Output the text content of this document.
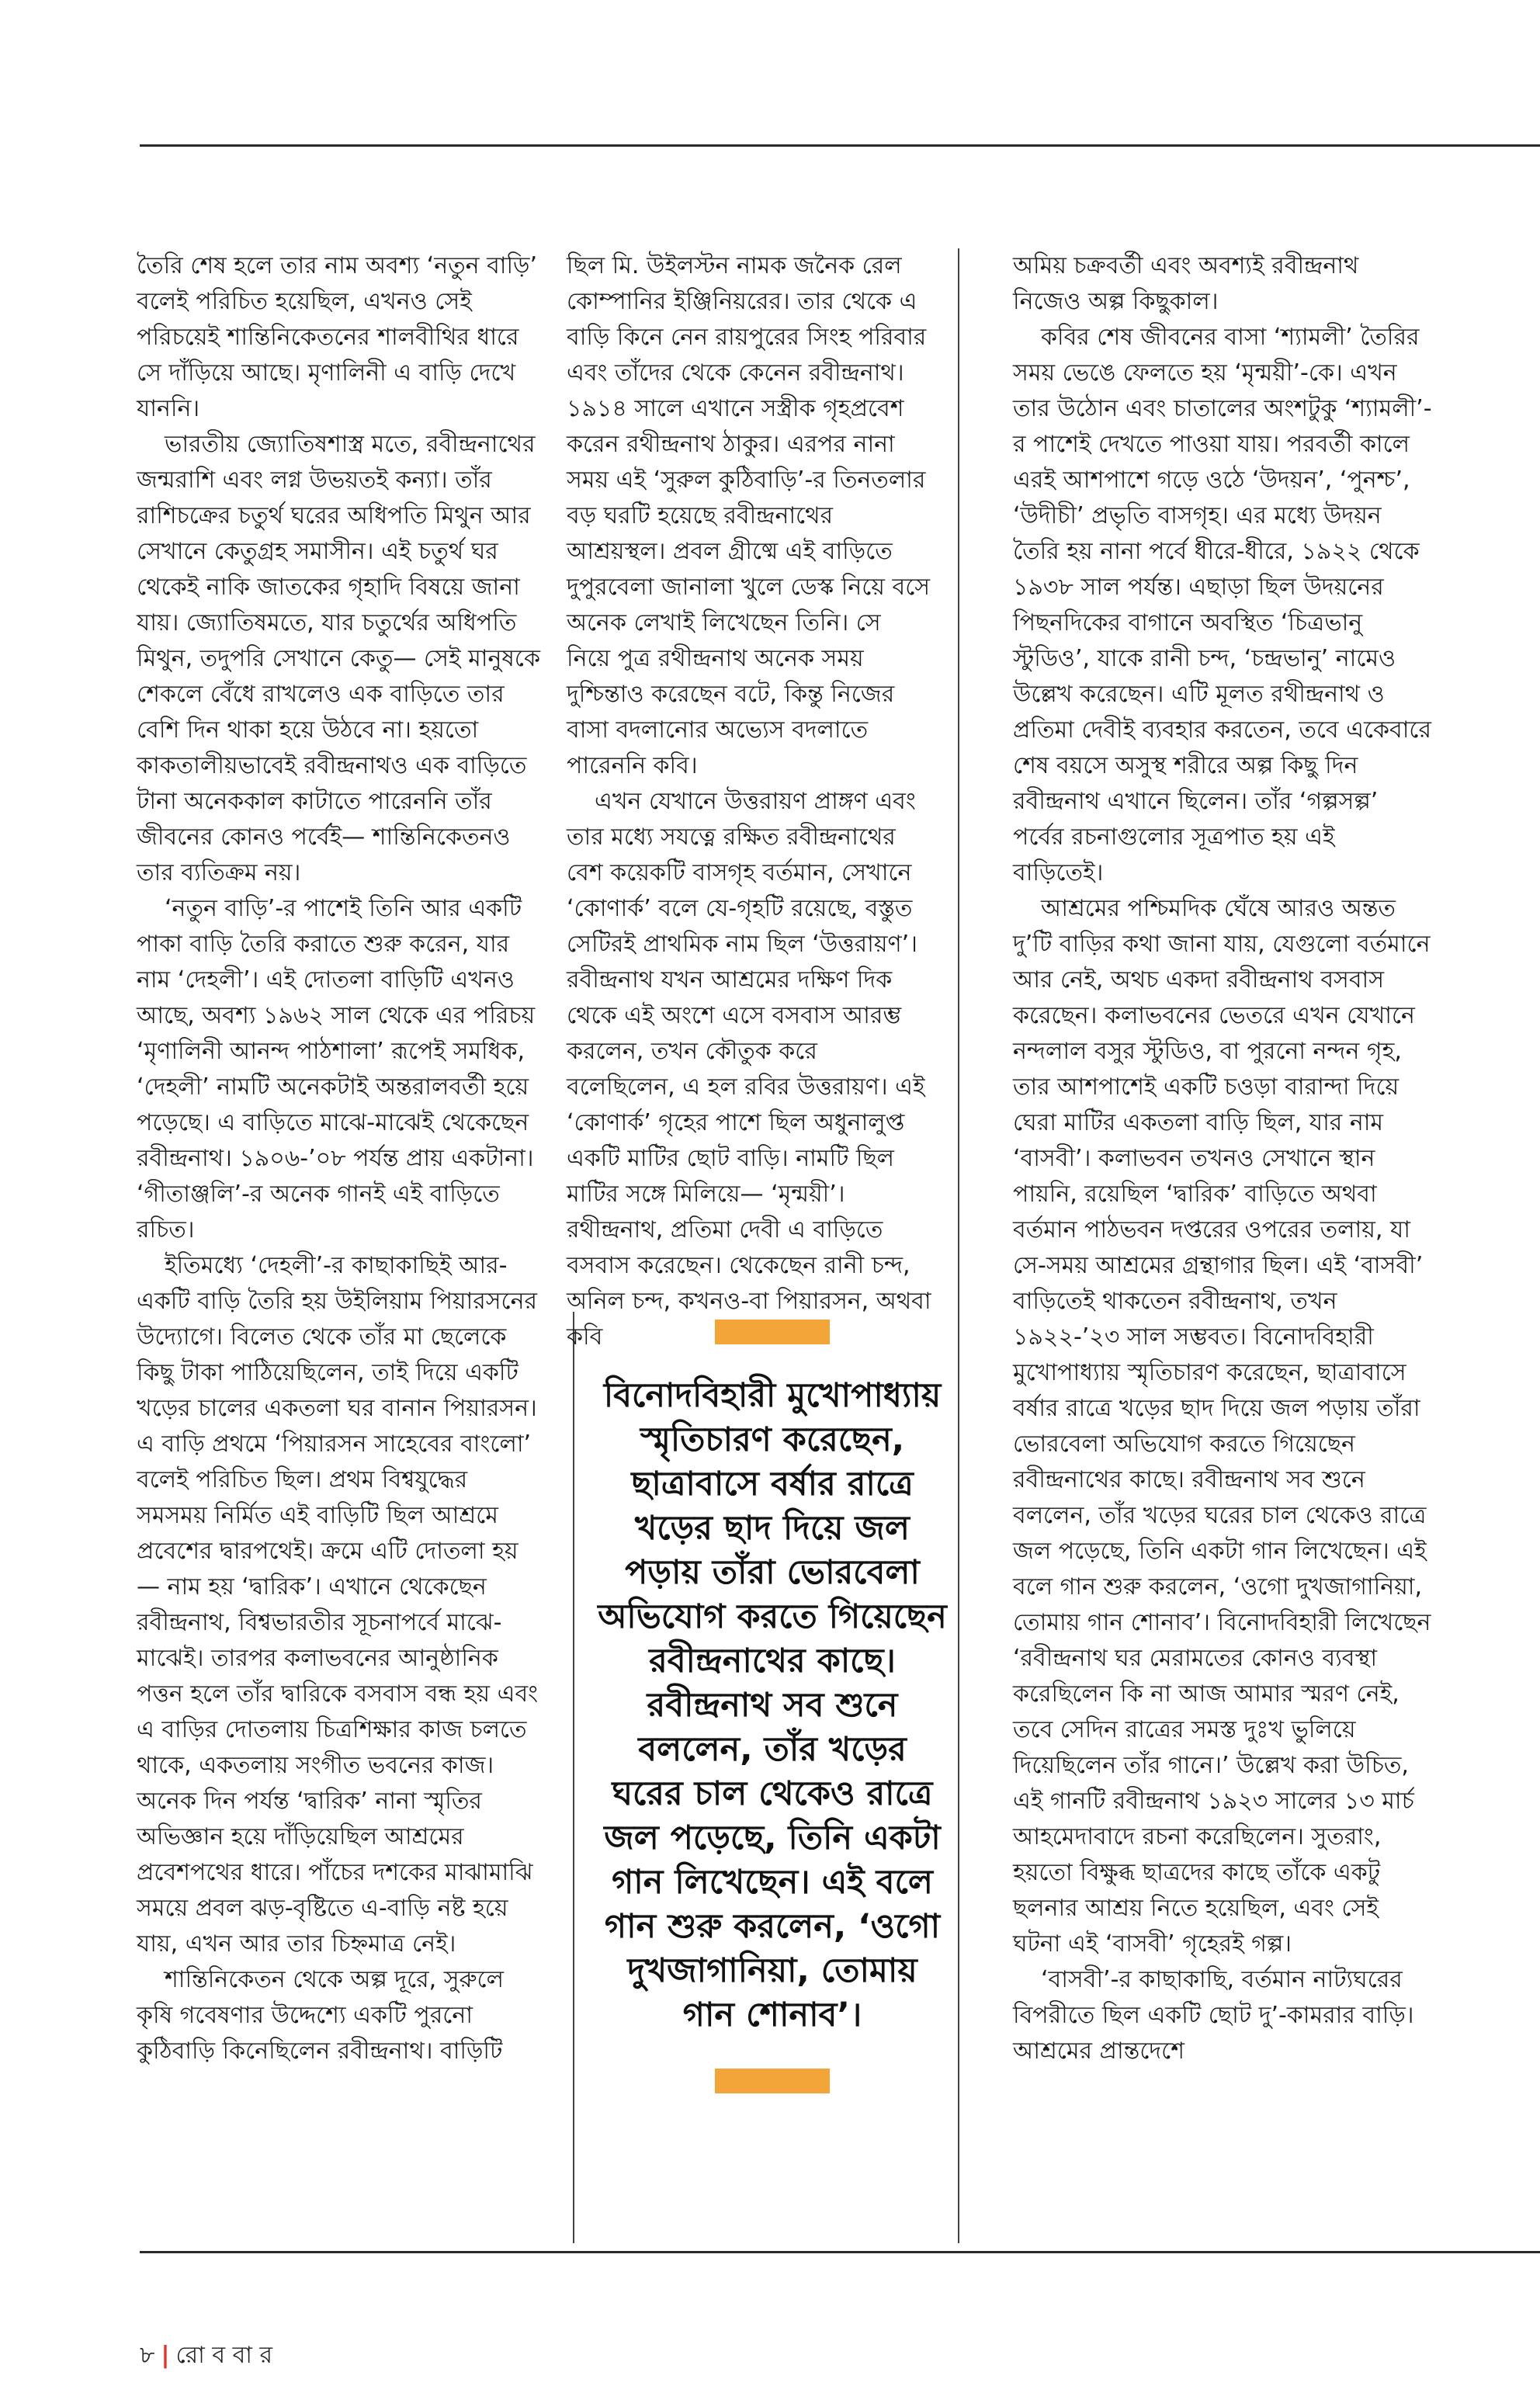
তৈরি শেষ হলে তার নাম অবশ্য ‘নতুন বাড়ি’ বলেই পরিচিত হয়েছিল, এখনও সেই পরিচয়েই শান্তিনিকেতনের শালবীথির ধারে সে দাঁড়িয়ে আছে। মৃণালিনী এ বাড়ি দেখে যাননি।

ভারতীয় জ্যোতিষশাস্ত্র মতে, রবীন্দ্রনাথের জন্মরাশি এবং লগ্ন উভয়তই কন্যা। তাঁর রাশিচক্রের চতুর্থ ঘরের অধিপতি মিথুন আর সেখানে কেতুগ্রহ সমাসীন। এই চতুর্থ ঘর থেকেই নাকি জাতকের গৃহাদি বিষয়ে জানা যায়। জ্যোতিষমতে, যার চতুর্থের অধিপতি মিথুন, তদুপরি সেখানে কেতু— সেই মানুষকে শেকলে বেঁধে রাখলেও এক বাড়িতে তার বেশি দিন থাকা হয়ে উঠবে না। হয়তো কাকতালীয়ভাবেই রবীন্দ্রনাথও এক বাড়িতে টানা অনেককাল কাটাতে পারেননি তাঁর জীবনের কোনও পর্বেই— শান্তিনিকেতনও তার ব্যতিক্রম নয়।

‘নতুন বাড়ি’-র পাশেই তিনি আর একটি পাকা বাড়ি তৈরি করাতে শুরু করেন, যার নাম ‘দেহলী’। এই দোতলা বাড়িটি এখনও আছে, অবশ্য ১৯৬২ সাল থেকে এর পরিচয় ‘মৃণালিনী আনন্দ পাঠশালা’ রূপেই সমধিক, ‘দেহলী’ নামটি অনেকটাই অন্তরালবর্তী হয়ে পড়েছে। এ বাড়িতে মাঝে-মাঝেই থেকেছেন রবীন্দ্রনাথ। ১৯০৬-’০৮ পর্যন্ত প্রায় একটানা। ‘গীতাঞ্জলি’-র অনেক গানই এই বাড়িতে রচিত।

ইতিমধ্যে ‘দেহলী’-র কাছাকাছিই আর-একটি বাড়ি তৈরি হয় উইলিয়াম পিয়ারসনের উদ্যোগে। বিলেত থেকে তাঁর মা ছেলেকে কিছু টাকা পাঠিয়েছিলেন, তাই দিয়ে একটি খড়ের চালের একতলা ঘর বানান পিয়ারসন। এ বাড়ি প্রথমে ‘পিয়ারসন সাহেবের বাংলো’ বলেই পরিচিত ছিল। প্রথম বিশ্বযুদ্ধের সমসময় নির্মিত এই বাড়িটি ছিল আশ্রমে প্রবেশের দ্বারপথেই। ক্রমে এটি দোতলা হয়— নাম হয় ‘দ্বারিক’। এখানে থেকেছেন রবীন্দ্রনাথ, বিশ্বভারতীর সূচনাপর্বে মাঝে-মাঝেই। তারপর কলাভবনের আনুষ্ঠানিক পত্তন হলে তাঁর দ্বারিকে বসবাস বন্ধ হয় এবং এ বাড়ির দোতলায় চিত্রশিক্ষার কাজ চলতে থাকে, একতলায় সংগীত ভবনের কাজ। অনেক দিন পর্যন্ত ‘দ্বারিক’ নানা স্মৃতির অভিজ্ঞান হয়ে দাঁড়িয়েছিল আশ্রমের প্রবেশপথের ধারে। পাঁচের দশকের মাঝামাঝি সময়ে প্রবল ঝড়-বৃষ্টিতে এ-বাড়ি নষ্ট হয়ে যায়, এখন আর তার চিহ্নমাত্র নেই।

শান্তিনিকেতন থেকে অল্প দূরে, সুরুলে কৃষি গবেষণার উদ্দেশ্যে একটি পুরনো কুঠিবাড়ি কিনেছিলেন রবীন্দ্রনাথ। বাড়িটি

ছিল মি. উইলস্টন নামক জনৈক রেল কোম্পানির ইঞ্জিনিয়রের। তার থেকে এ বাড়ি কিনে নেন রায়পুরের সিংহ পরিবার এবং তাঁদের থেকে কেনেন রবীন্দ্রনাথ। ১৯১৪ সালে এখানে সস্ত্রীক গৃহপ্রবেশ করেন রথীন্দ্রনাথ ঠাকুর। এরপর নানা সময় এই ‘সুরুল কুঠিবাড়ি’-র তিনতলার বড় ঘরটি হয়েছে রবীন্দ্রনাথের আশ্রয়স্থল। প্রবল গ্রীষ্মে এই বাড়িতে দুপুরবেলা জানালা খুলে ডেস্ক নিয়ে বসে অনেক লেখাই লিখেছেন তিনি। সে নিয়ে পুত্র রথীন্দ্রনাথ অনেক সময় দুশ্চিন্তাও করেছেন বটে, কিন্তু নিজের বাসা বদলানোর অভ্যেস বদলাতে পারেননি কবি।

এখন যেখানে উত্তরায়ণ প্রাঙ্গণ এবং তার মধ্যে সযত্নে রক্ষিত রবীন্দ্রনাথের বেশ কয়েকটি বাসগৃহ বর্তমান, সেখানে ‘কোণার্ক’ বলে যে-গৃহটি রয়েছে, বস্তুত সেটিরই প্রাথমিক নাম ছিল ‘উত্তরায়ণ’। রবীন্দ্রনাথ যখন আশ্রমের দক্ষিণ দিক থেকে এই অংশে এসে বসবাস আরম্ভ করলেন, তখন কৌতুক করে বলেছিলেন, এ হল রবির উত্তরায়ণ। এই ‘কোণার্ক’ গৃহের পাশে ছিল অধুনালুপ্ত একটি মাটির ছোট বাড়ি। নামটি ছিল মাটির সঙ্গে মিলিয়ে— ‘মৃন্ময়ী’। রথীন্দ্রনাথ, প্রতিমা দেবী এ বাড়িতে বসবাস করেছেন। থেকেছেন রানী চন্দ, অনিল চন্দ, কখনও-বা পিয়ারসন, অথবা কবি

বিনোদবিহারী মুখোপাধ্যায় স্মৃতিচারণ করেছেন, ছাত্রাবাসে বর্ষার রাত্রে খড়ের ছাদ দিয়ে জল পড়ায় তাঁরা ভোরবেলা অভিযোগ করতে গিয়েছেন রবীন্দ্রনাথের কাছে। রবীন্দ্রনাথ সব শুনে বললেন, তাঁর খড়ের ঘরের চাল থেকেও রাত্রে জল পড়েছে, তিনি একটা গান লিখেছেন। এই বলে গান শুরু করলেন, ‘ওগো দুখজাগানিয়া, তোমায় গান শোনাব’।

অমিয় চক্রবর্তী এবং অবশ্যই রবীন্দ্রনাথ নিজেও অল্প কিছুকাল।

কবির শেষ জীবনের বাসা ‘শ্যামলী’ তৈরির সময় ভেঙে ফেলতে হয় ‘মৃন্ময়ী’-কে। এখন তার উঠোন এবং চাতালের অংশটুকু ‘শ্যামলী’-র পাশেই দেখতে পাওয়া যায়। পরবর্তী কালে এরই আশপাশে গড়ে ওঠে ‘উদয়ন’, ‘পুনশ্চ’, ‘উদীচী’ প্রভৃতি বাসগৃহ। এর মধ্যে উদয়ন তৈরি হয় নানা পর্বে ধীরে-ধীরে, ১৯২২ থেকে ১৯৩৮ সাল পর্যন্ত। এছাড়া ছিল উদয়নের পিছনদিকের বাগানে অবস্থিত ‘চিত্রভানু স্টুডিও’, যাকে রানী চন্দ, ‘চন্দ্রভানু’ নামেও উল্লেখ করেছেন। এটি মূলত রথীন্দ্রনাথ ও প্রতিমা দেবীই ব্যবহার করতেন, তবে একেবারে শেষ বয়সে অসুস্থ শরীরে অল্প কিছু দিন রবীন্দ্রনাথ এখানে ছিলেন। তাঁর ‘গল্পসল্প’ পর্বের রচনাগুলোর সূত্রপাত হয় এই বাড়িতেই।

আশ্রমের পশ্চিমদিক ঘেঁষে আরও অন্তত দু’টি বাড়ির কথা জানা যায়, যেগুলো বর্তমানে আর নেই, অথচ একদা রবীন্দ্রনাথ বসবাস করেছেন। কলাভবনের ভেতরে এখন যেখানে নন্দলাল বসুর স্টুডিও, বা পুরনো নন্দন গৃহ, তার আশপাশেই একটি চওড়া বারান্দা দিয়ে ঘেরা মাটির একতলা বাড়ি ছিল, যার নাম ‘বাসবী’। কলাভবন তখনও সেখানে স্থান পায়নি, রয়েছিল ‘দ্বারিক’ বাড়িতে অথবা বর্তমান পাঠভবন দপ্তরের ওপরের তলায়, যা সে-সময় আশ্রমের গ্রন্থাগার ছিল। এই ‘বাসবী’ বাড়িতেই থাকতেন রবীন্দ্রনাথ, তখন ১৯২২-’২৩ সাল সম্ভবত। বিনোদবিহারী মুখোপাধ্যায় স্মৃতিচারণ করেছেন, ছাত্রাবাসে বর্ষার রাত্রে খড়ের ছাদ দিয়ে জল পড়ায় তাঁরা ভোরবেলা অভিযোগ করতে গিয়েছেন রবীন্দ্রনাথের কাছে। রবীন্দ্রনাথ সব শুনে বললেন, তাঁর খড়ের ঘরের চাল থেকেও রাত্রে জল পড়েছে, তিনি একটা গান লিখেছেন। এই বলে গান শুরু করলেন, ‘ওগো দুখজাগানিয়া, তোমায় গান শোনাব’। বিনোদবিহারী লিখেছেন ‘রবীন্দ্রনাথ ঘর মেরামতের কোনও ব্যবস্থা করেছিলেন কি না আজ আমার স্মরণ নেই, তবে সেদিন রাত্রের সমস্ত দুঃখ ভুলিয়ে দিয়েছিলেন তাঁর গানে।’ উল্লেখ করা উচিত, এই গানটি রবীন্দ্রনাথ ১৯২৩ সালের ১৩ মার্চ আহমেদাবাদে রচনা করেছিলেন। সুতরাং, হয়তো বিক্ষুব্ধ ছাত্রদের কাছে তাঁকে একটু ছলনার আশ্রয় নিতে হয়েছিল, এবং সেই ঘটনা এই ‘বাসবী’ গৃহেরই গল্প।

‘বাসবী’-র কাছাকাছি, বর্তমান নাট্যঘরের বিপরীতে ছিল একটি ছোট দু’-কামরার বাড়ি। আশ্রমের প্রান্তদেশে

৮ | রো ব বা র
